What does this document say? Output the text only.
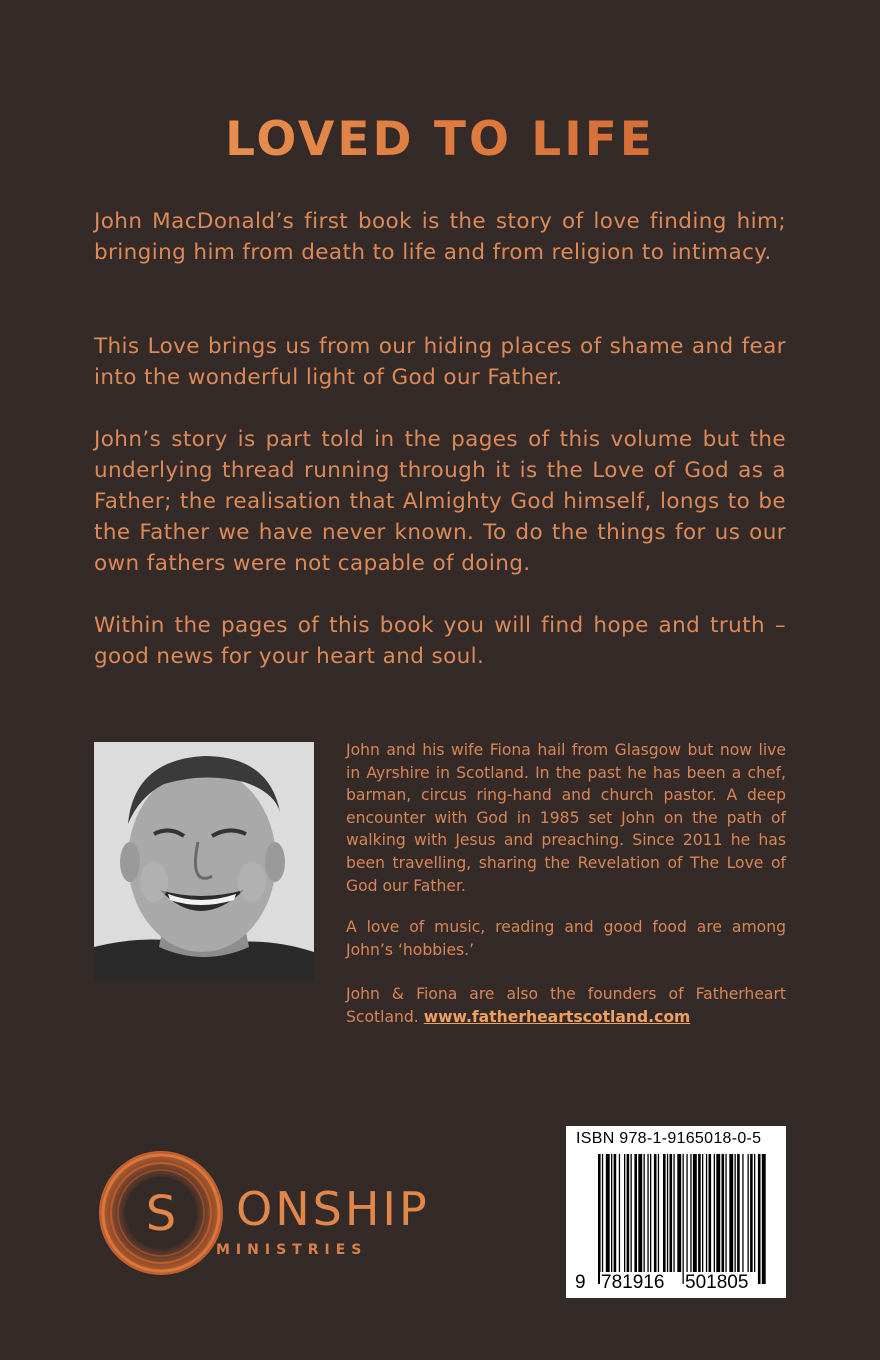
LOVED TO LIFE
John MacDonald’s first book is the story of love finding him; bringing him from death to life and from religion to intimacy.
This Love brings us from our hiding places of shame and fear into the wonderful light of God our Father.
John’s story is part told in the pages of this volume but the underlying thread running through it is the Love of God as a Father; the realisation that Almighty God himself, longs to be the Father we have never known. To do the things for us our own fathers were not capable of doing.
Within the pages of this book you will find hope and truth – good news for your heart and soul.
John and his wife Fiona hail from Glasgow but now live in Ayrshire in Scotland. In the past he has been a chef, barman, circus ring-hand and church pastor. A deep encounter with God in 1985 set John on the path of walking with Jesus and preaching. Since 2011 he has been travelling, sharing the Revelation of The Love of God our Father.
A love of music, reading and good food are among John’s ‘hobbies.’
John & Fiona are also the founders of Fatherheart Scotland. www.fatherheartscotland.com
S ONSHIP
MINISTRIES
ISBN 978-1-9165018-0-5
9 781916 501805
